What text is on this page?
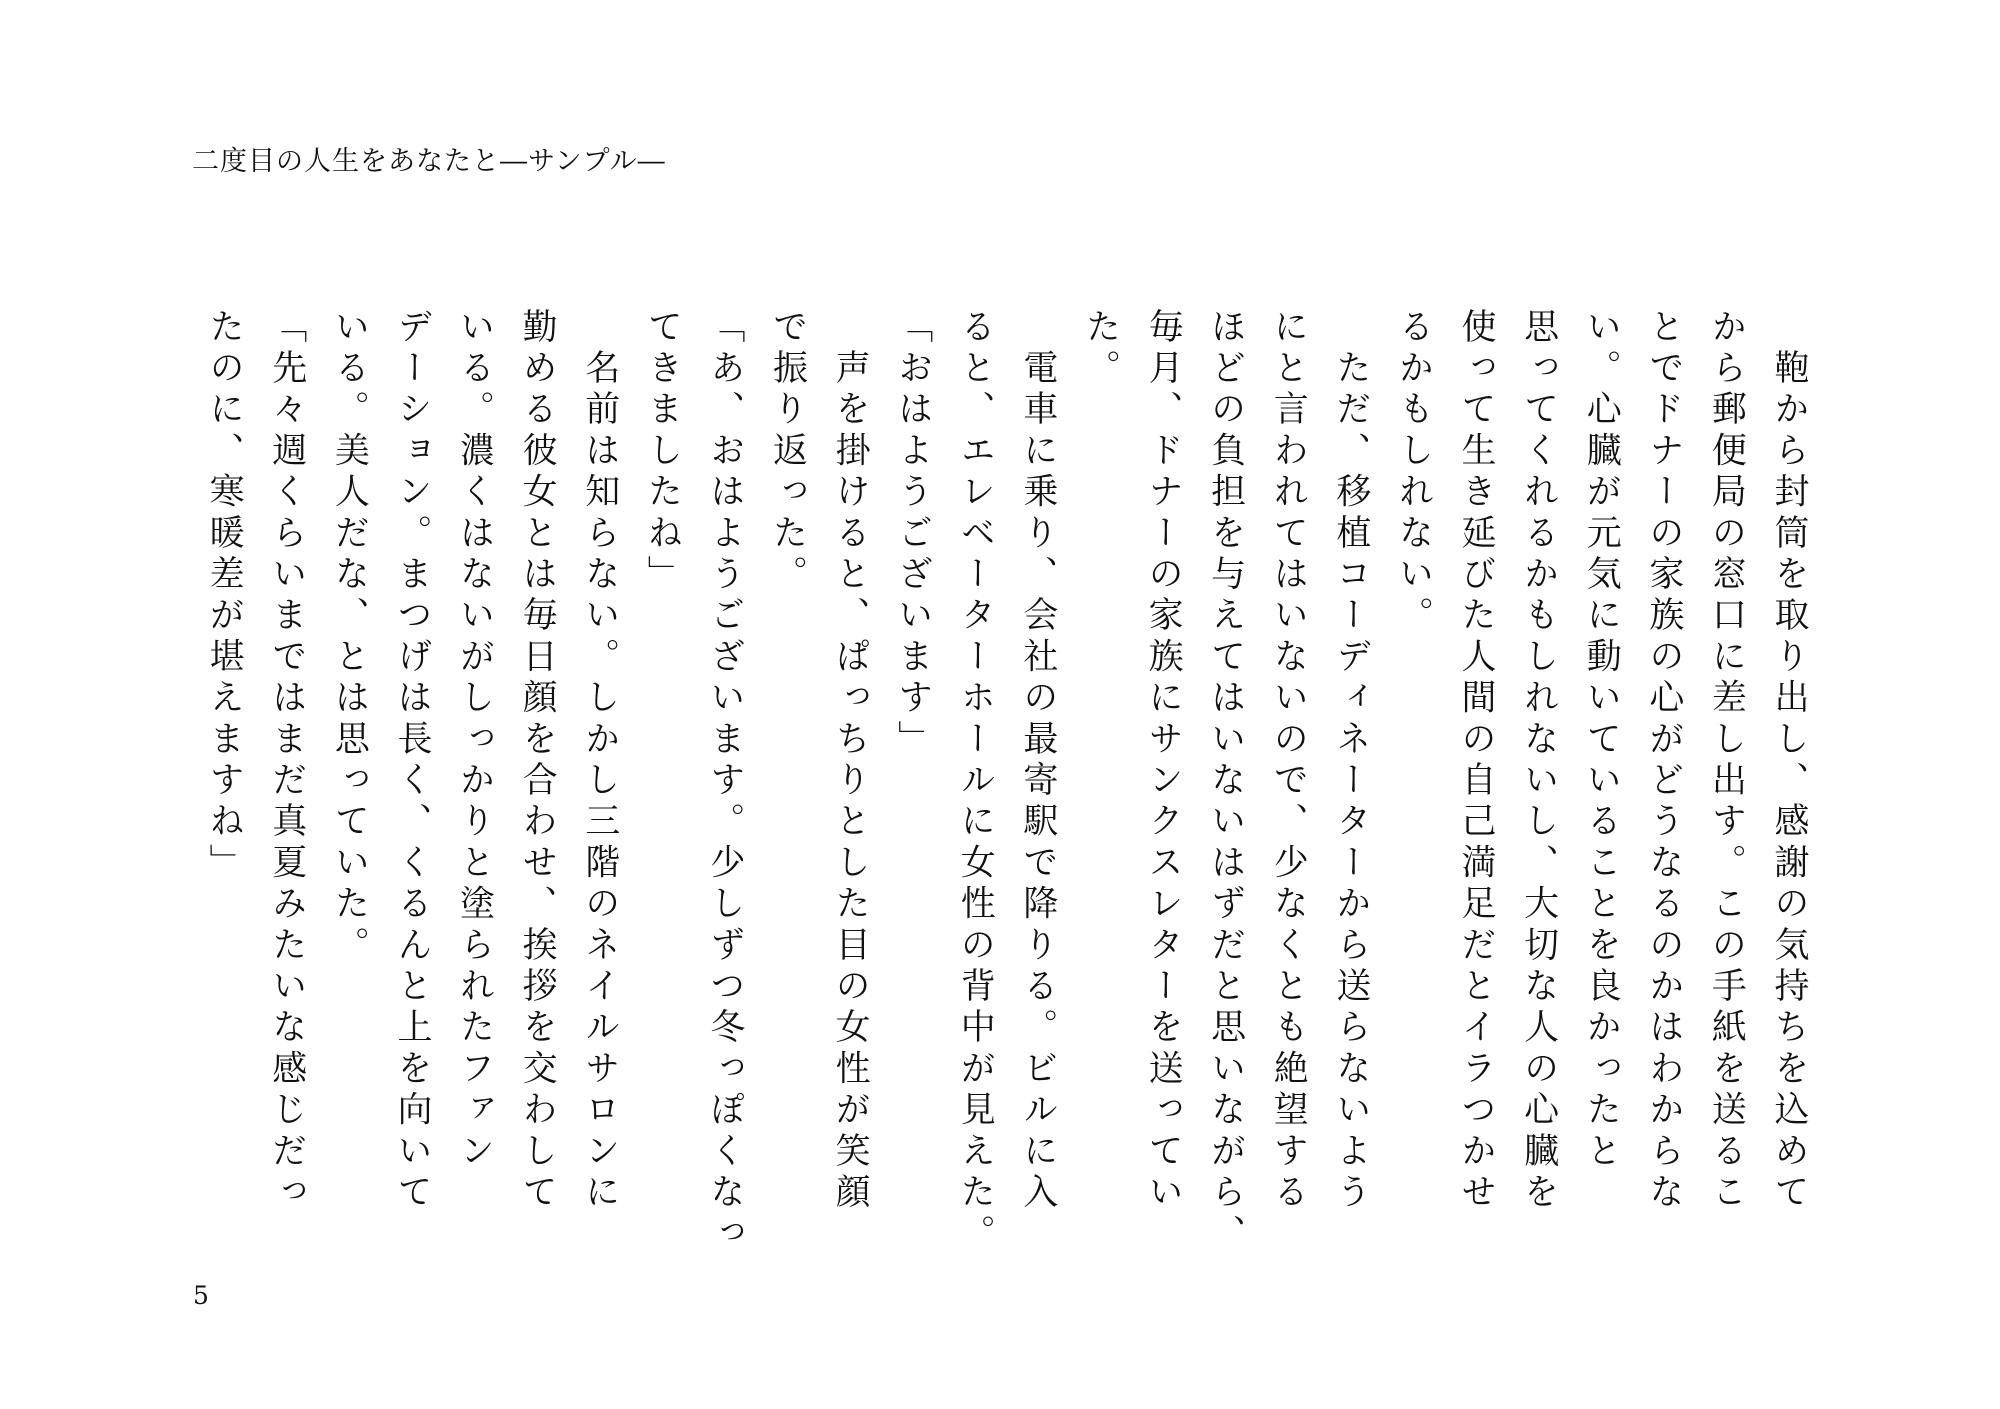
二度目の人生をあなたと―サンプル―
　鞄から封筒を取り出し、感謝の気持ちを込めて
から郵便局の窓口に差し出す。この手紙を送るこ
とでドナーの家族の心がどうなるのかはわからな
い。心臓が元気に動いていることを良かったと
思ってくれるかもしれないし、大切な人の心臓を
使って生き延びた人間の自己満足だとイラつかせ
るかもしれない。
　ただ、移植コーディネーターから送らないよう
にと言われてはいないので、少なくとも絶望する
ほどの負担を与えてはいないはずだと思いながら、
毎月、ドナーの家族にサンクスレターを送ってい
た。
　電車に乗り、会社の最寄駅で降りる。ビルに入
ると、エレベーターホールに女性の背中が見えた。
「おはようございます」
　声を掛けると、ぱっちりとした目の女性が笑顔
で振り返った。
「あ、おはようございます。少しずつ冬っぽくなっ
てきましたね」
　名前は知らない。しかし三階のネイルサロンに
勤める彼女とは毎日顔を合わせ、挨拶を交わして
いる。濃くはないがしっかりと塗られたファン
デーション。まつげは長く、くるんと上を向いて
いる。美人だな、とは思っていた。
「先々週くらいまではまだ真夏みたいな感じだっ
たのに、寒暖差が堪えますね」
5
